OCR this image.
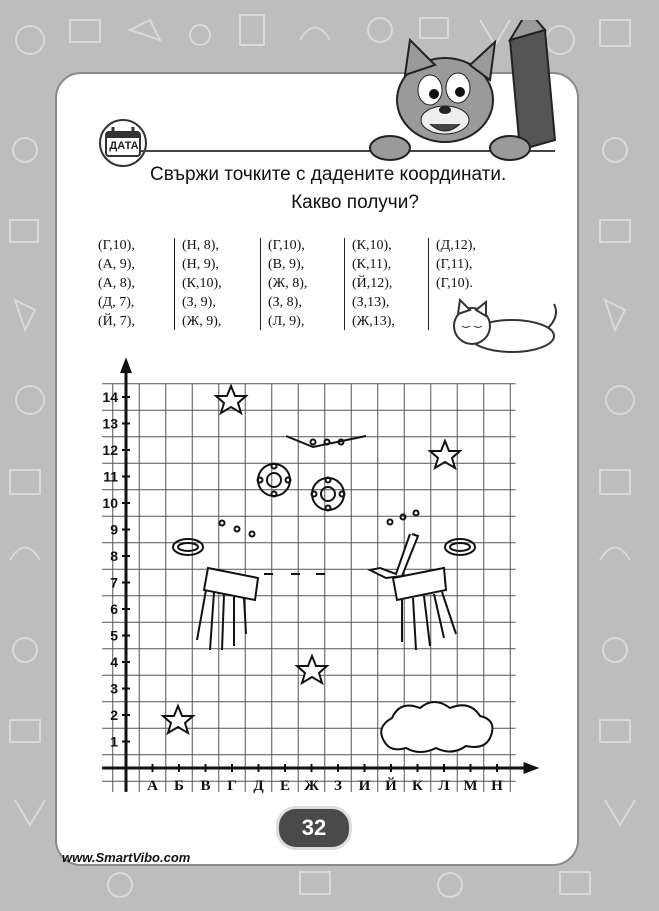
ДАТА
Свържи точките с дадените координати.
Какво получи?
(Г,10),
(А, 9),
(А, 8),
(Д, 7),
(Й, 7),
(Н, 8),
(Н, 9),
(К,10),
(З, 9),
(Ж, 9),
(Г,10),
(В, 9),
(Ж, 8),
(З, 8),
(Л, 9),
(К,10),
(К,11),
(Й,12),
(З,13),
(Ж,13),
(Д,12),
(Г,11),
(Г,10).
1
2
3
4
5
6
7
8
9
10
11
12
13
14
А Б В Г Д Е Ж З И Й К Л М Н
32
www.SmartVibo.com
